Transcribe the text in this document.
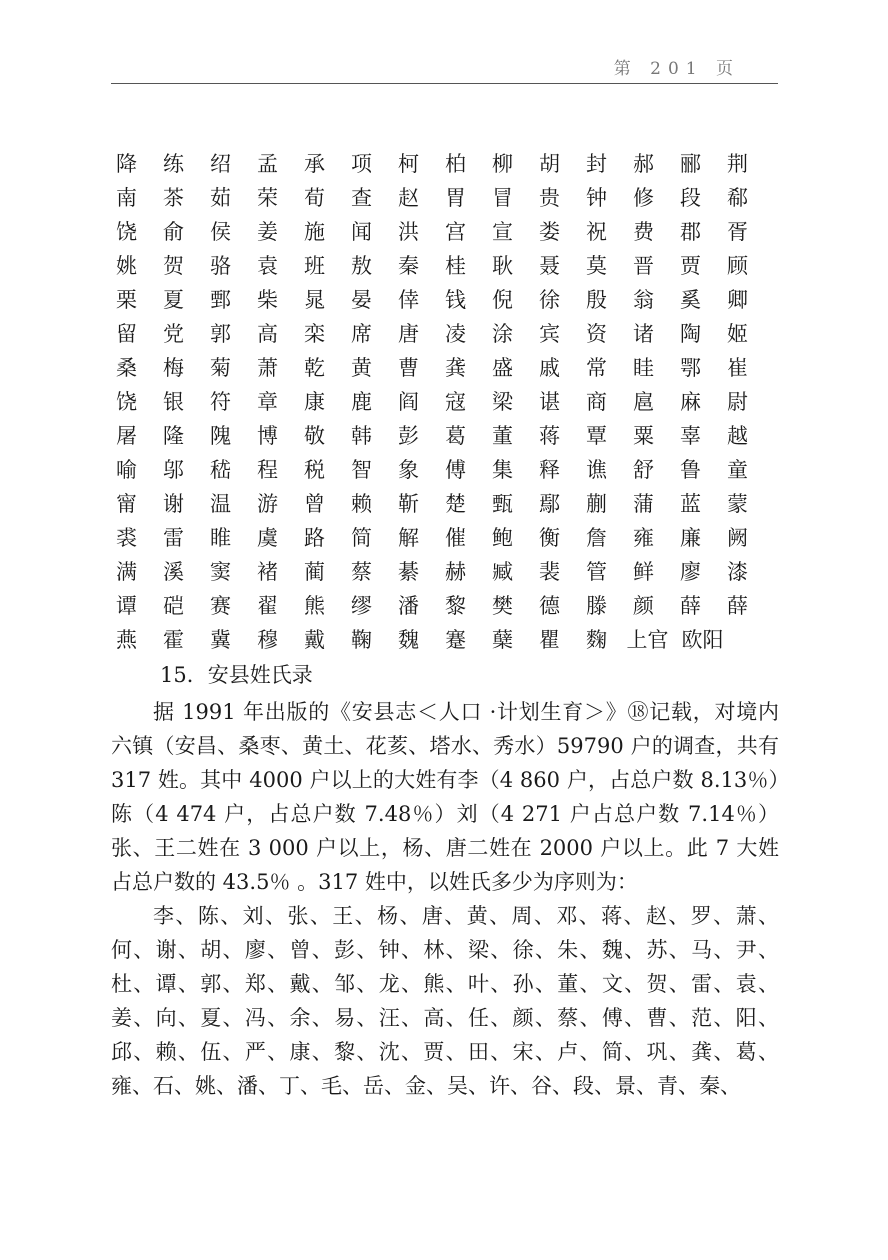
第 201 页
降 练 绍 孟 承 项 柯 柏 柳 胡 封 郝 郦 荆
南 茶 茹 荣 荀 查 赵 胃 冒 贵 钟 修 段 郗
饶 俞 侯 姜 施 闻 洪 宫 宣 娄 祝 费 郡 胥
姚 贺 骆 袁 班 敖 秦 桂 耿 聂 莫 晋 贾 顾
栗 夏 鄄 柴 晁 晏 倖 钱 倪 徐 殷 翁 奚 卿
留 党 郭 高 栾 席 唐 凌 涂 宾 资 诸 陶 姬
桑 梅 菊 萧 乾 黄 曹 龚 盛 戚 常 眭 鄂 崔
饶 银 符 章 康 鹿 阎 寇 梁 谌 商 扈 麻 尉
屠 隆 隗 博 敬 韩 彭 葛 董 蒋 覃 粟 辜 越
喻 邬 嵇 程 税 智 象 傅 集 释 谯 舒 鲁 童
甯 谢 温 游 曾 赖 靳 楚 甄 鄢 蒯 蒲 蓝 蒙
裘 雷 睢 虞 路 简 解 催 鲍 衡 詹 雍 廉 阙
满 溪 窦 褚 蔺 蔡 綦 赫 臧 裴 管 鲜 廖 漆
谭 硙 赛 翟 熊 缪 潘 黎 樊 德 滕 颜 薛 薛
燕 霍 冀 穆 戴 鞠 魏 蹇 蘖 瞿 麴 上官 欧阳
15．安县姓氏录

据 1991 年出版的《安县志＜人口 ·计划生育＞》⑱记载，对境内六镇（安昌、桑枣、黄土、花荄、塔水、秀水）59790 户的调查，共有 317 姓。其中 4000 户以上的大姓有李（4 860 户，占总户数 8.13％）陈（4 474 户，占总户数 7.48％）刘（4 271 户占总户数 7.14％）张、王二姓在 3 000 户以上，杨、唐二姓在 2000 户以上。此 7 大姓占总户数的 43.5％ 。317 姓中，以姓氏多少为序则为：

李、陈、刘、张、王、杨、唐、黄、周、邓、蒋、赵、罗、萧、何、谢、胡、廖、曾、彭、钟、林、梁、徐、朱、魏、苏、马、尹、杜、谭、郭、郑、戴、邹、龙、熊、叶、孙、董、文、贺、雷、袁、姜、向、夏、冯、余、易、汪、高、任、颜、蔡、傅、曹、范、阳、邱、赖、伍、严、康、黎、沈、贾、田、宋、卢、简、巩、龚、葛、雍、石、姚、潘、丁、毛、岳、金、吴、许、谷、段、景、青、秦、
